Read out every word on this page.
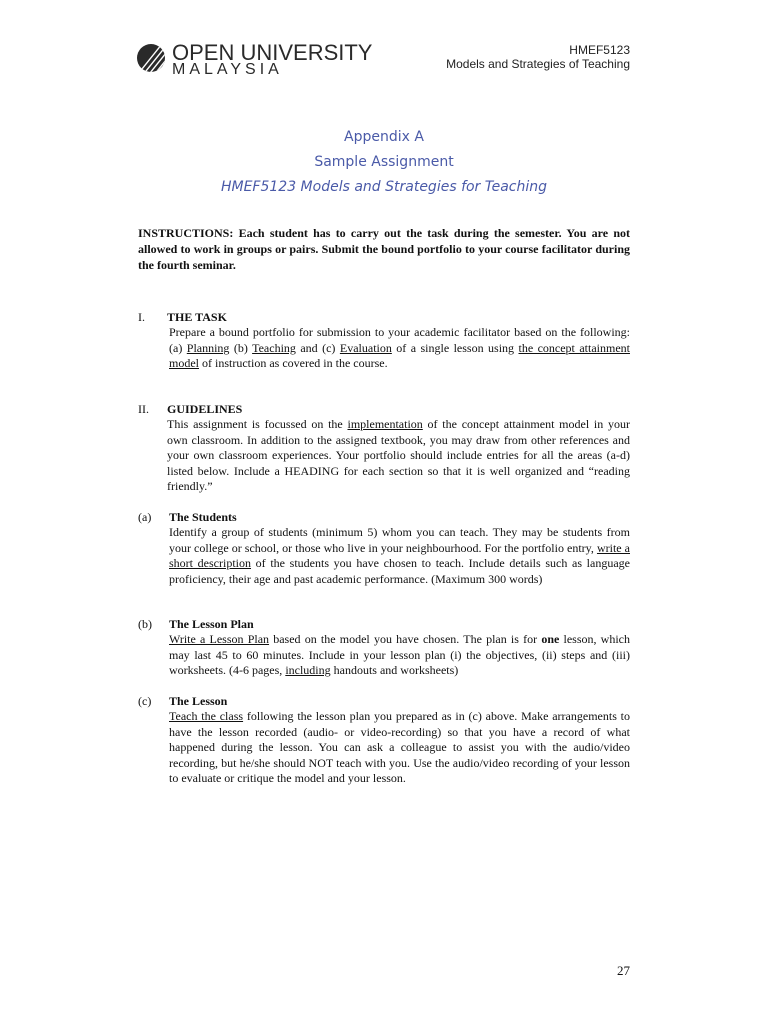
OPEN UNIVERSITY
MALAYSIA
HMEF5123
Models and Strategies of Teaching
Appendix A
Sample Assignment
HMEF5123 Models and Strategies for Teaching
INSTRUCTIONS: Each student has to carry out the task during the semester. You are not allowed to work in groups or pairs. Submit the bound portfolio to your course facilitator during the fourth seminar.
I. THE TASK
Prepare a bound portfolio for submission to your academic facilitator based on the following: (a) Planning (b) Teaching and (c) Evaluation of a single lesson using the concept attainment model of instruction as covered in the course.
II. GUIDELINES
This assignment is focussed on the implementation of the concept attainment model in your own classroom. In addition to the assigned textbook, you may draw from other references and your own classroom experiences. Your portfolio should include entries for all the areas (a-d) listed below. Include a HEADING for each section so that it is well organized and “reading friendly.”
(a) The Students
Identify a group of students (minimum 5) whom you can teach. They may be students from your college or school, or those who live in your neighbourhood. For the portfolio entry, write a short description of the students you have chosen to teach. Include details such as language proficiency, their age and past academic performance. (Maximum 300 words)
(b) The Lesson Plan
Write a Lesson Plan based on the model you have chosen. The plan is for one lesson, which may last 45 to 60 minutes. Include in your lesson plan (i) the objectives, (ii) steps and (iii) worksheets. (4-6 pages, including handouts and worksheets)
(c) The Lesson
Teach the class following the lesson plan you prepared as in (c) above. Make arrangements to have the lesson recorded (audio- or video-recording) so that you have a record of what happened during the lesson. You can ask a colleague to assist you with the audio/video recording, but he/she should NOT teach with you. Use the audio/video recording of your lesson to evaluate or critique the model and your lesson.
27
